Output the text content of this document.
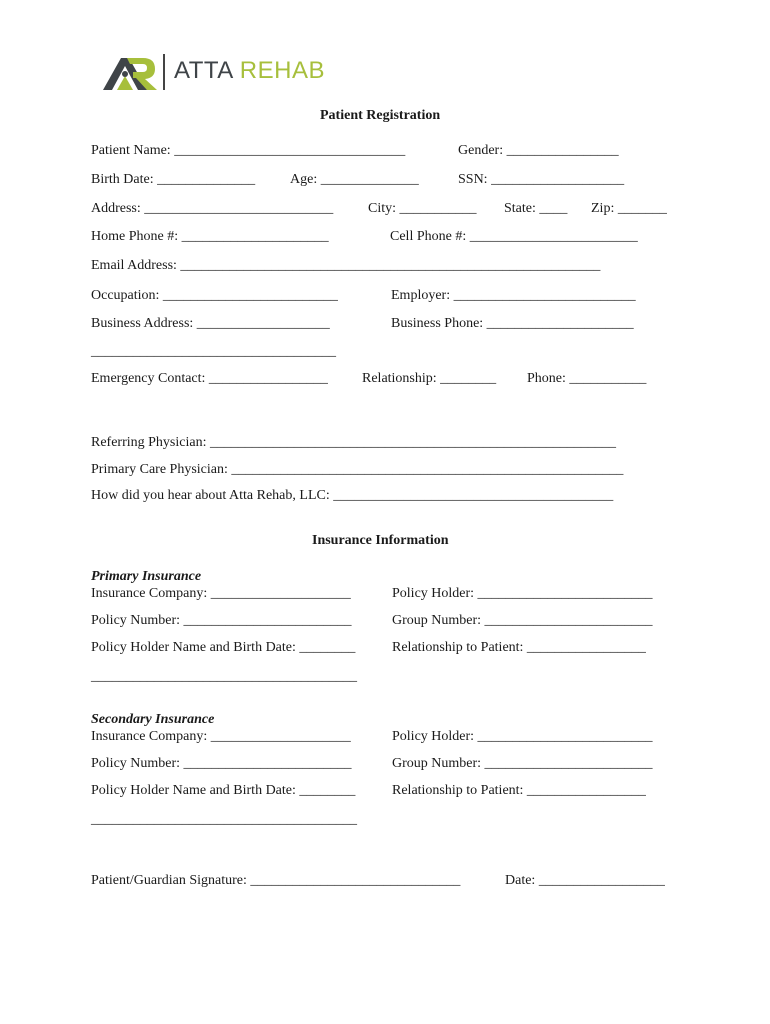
ATTA REHAB
Patient Registration
Patient Name: _________________________________	Gender: ________________
Birth Date: ______________ Age: ______________	SSN: ___________________
Address: ___________________________ City: ___________ State: ____ Zip: _______
Home Phone #: _____________________	Cell Phone #: ________________________
Email Address: ____________________________________________________________
Occupation: _________________________	Employer: __________________________
Business Address: ___________________	Business Phone: _____________________
___________________________________
Emergency Contact: _________________ Relationship: ________ Phone: ___________
Referring Physician: __________________________________________________________
Primary Care Physician: ________________________________________________________
How did you hear about Atta Rehab, LLC: ________________________________________
Insurance Information
Primary Insurance
Insurance Company: ____________________	Policy Holder: _________________________
Policy Number: ________________________	Group Number: ________________________
Policy Holder Name and Birth Date: ________	Relationship to Patient: _________________
______________________________________
Secondary Insurance
Insurance Company: ____________________	Policy Holder: _________________________
Policy Number: ________________________	Group Number: ________________________
Policy Holder Name and Birth Date: ________	Relationship to Patient: _________________
______________________________________
Patient/Guardian Signature: ______________________________	Date: __________________
